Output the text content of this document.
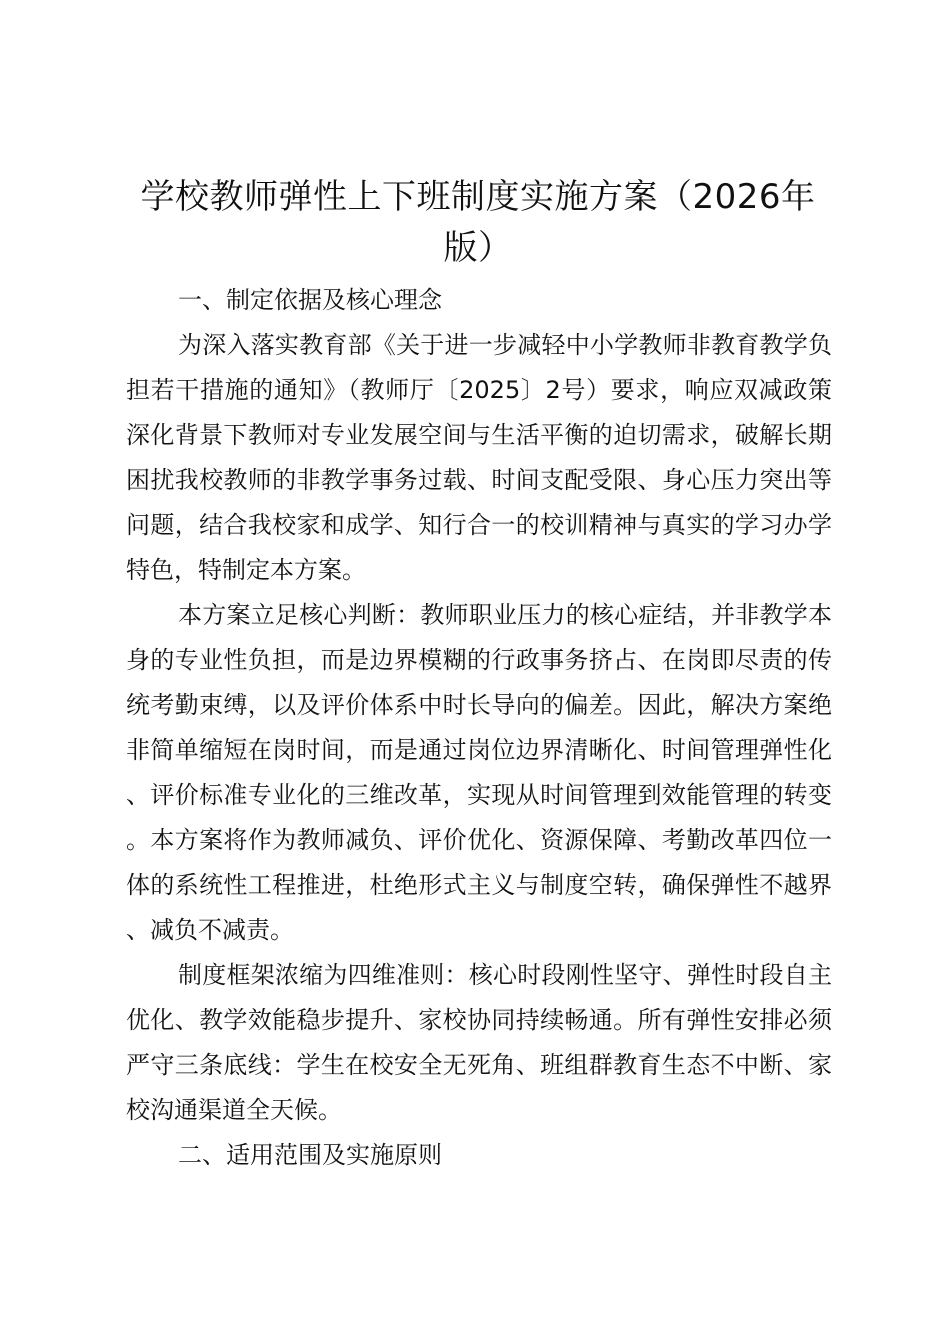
学校教师弹性上下班制度实施方案（2026年版）

一、制定依据及核心理念

为深入落实教育部《关于进一步减轻中小学教师非教育教学负担若干措施的通知》（教师厅〔2025〕2号）要求，响应双减政策深化背景下教师对专业发展空间与生活平衡的迫切需求，破解长期困扰我校教师的非教学事务过载、时间支配受限、身心压力突出等问题，结合我校家和成学、知行合一的校训精神与真实的学习办学特色，特制定本方案。

本方案立足核心判断：教师职业压力的核心症结，并非教学本身的专业性负担，而是边界模糊的行政事务挤占、在岗即尽责的传统考勤束缚，以及评价体系中时长导向的偏差。因此，解决方案绝非简单缩短在岗时间，而是通过岗位边界清晰化、时间管理弹性化、评价标准专业化的三维改革，实现从时间管理到效能管理的转变。本方案将作为教师减负、评价优化、资源保障、考勤改革四位一体的系统性工程推进，杜绝形式主义与制度空转，确保弹性不越界、减负不减责。

制度框架浓缩为四维准则：核心时段刚性坚守、弹性时段自主优化、教学效能稳步提升、家校协同持续畅通。所有弹性安排必须严守三条底线：学生在校安全无死角、班组群教育生态不中断、家校沟通渠道全天候。

二、适用范围及实施原则
